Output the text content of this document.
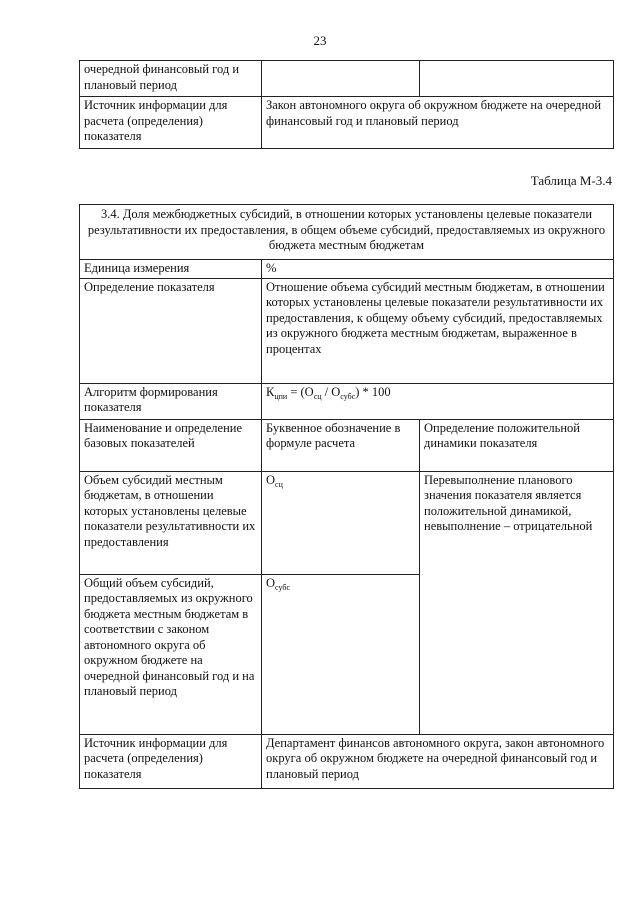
23
очередной финансовый год и плановый период		
Источник информации для расчета (определения) показателя	Закон автономного округа об окружном бюджете на очередной финансовый год и плановый период	
Таблица М-3.4
3.4. Доля межбюджетных субсидий, в отношении которых установлены целевые показатели результативности их предоставления, в общем объеме субсидий, предоставляемых из окружного бюджета местным бюджетам		
Единица измерения	%	
Определение показателя	Отношение объема субсидий местным бюджетам, в отношении которых установлены целевые показатели результативности их предоставления, к общему объему субсидий, предоставляемых из окружного бюджета местным бюджетам, выраженное в процентах	
Алгоритм формирования показателя	$К_{цпи} = (О_{сц} / О_{субс}) * 100$	
Наименование и определение базовых показателей	Буквенное обозначение в формуле расчета	Определение положительной динамики показателя
Объем субсидий местным бюджетам, в отношении которых установлены целевые показатели результативности их предоставления	$О_{сц}$	Перевыполнение планового значения показателя является положительной динамикой, невыполнение – отрицательной
Общий объем субсидий, предоставляемых из окружного бюджета местным бюджетам в соответствии с законом автономного округа об окружном бюджете на очередной финансовый год и на плановый период	$О_{субс}$
Источник информации для расчета (определения) показателя	Департамент финансов автономного округа, закон автономного округа об окружном бюджете на очередной финансовый год и плановый период	
